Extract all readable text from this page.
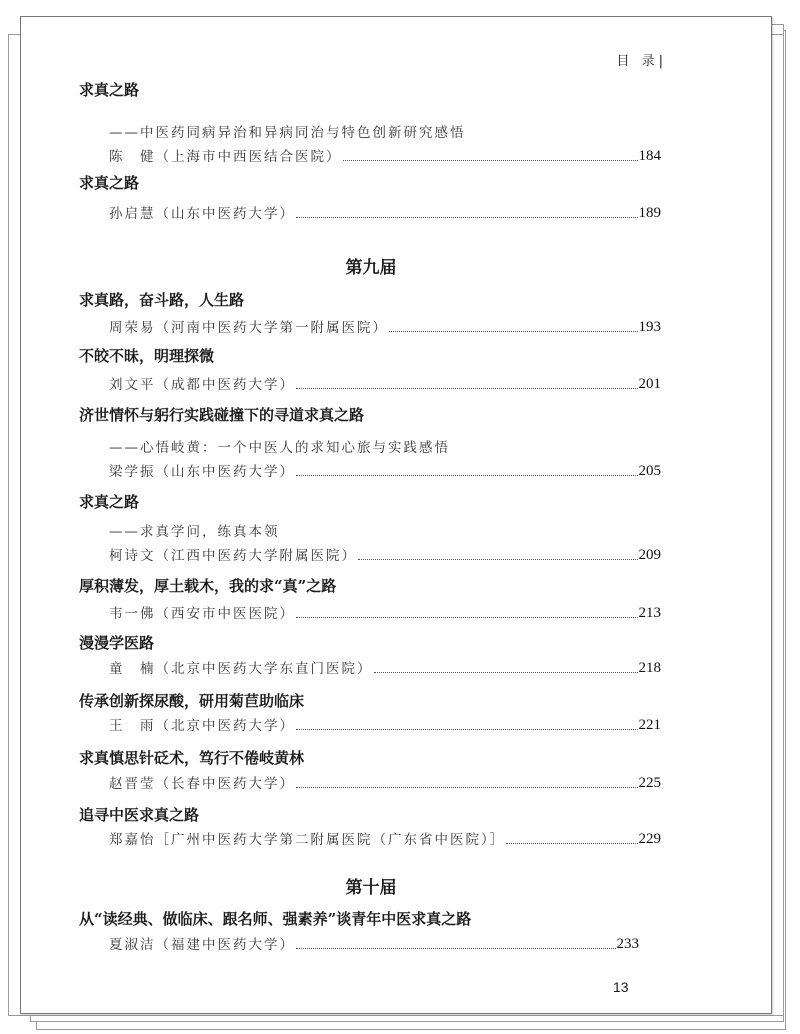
目 录|
求真之路
——中医药同病异治和异病同治与特色创新研究感悟
陈　健（上海市中西医结合医院）	184
求真之路
孙启慧（山东中医药大学）	189
第九届
求真路，奋斗路，人生路
周荣易（河南中医药大学第一附属医院）	193
不皎不昧，明理探微
刘文平（成都中医药大学）	201
济世情怀与躬行实践碰撞下的寻道求真之路
——心悟岐黄：一个中医人的求知心旅与实践感悟
梁学振（山东中医药大学）	205
求真之路
——求真学问，练真本领
柯诗文（江西中医药大学附属医院）	209
厚积薄发，厚土载木，我的求“真”之路
韦一佛（西安市中医医院）	213
漫漫学医路
童　楠（北京中医药大学东直门医院）	218
传承创新探尿酸，研用菊苣助临床
王　雨（北京中医药大学）	221
求真慎思针砭术，笃行不倦岐黄林
赵晋莹（长春中医药大学）	225
追寻中医求真之路
郑嘉怡［广州中医药大学第二附属医院（广东省中医院）］	229
第十届
从“读经典、做临床、跟名师、强素养”谈青年中医求真之路
夏淑洁（福建中医药大学）	233
13
